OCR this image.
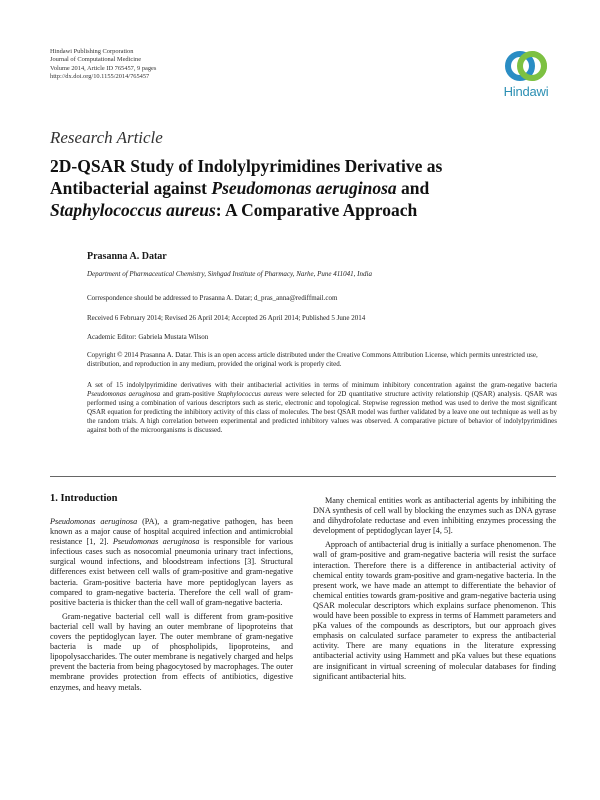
Hindawi Publishing Corporation
Journal of Computational Medicine
Volume 2014, Article ID 765457, 9 pages
http://dx.doi.org/10.1155/2014/765457
Hindawi
Research Article
2D-QSAR Study of Indolylpyrimidines Derivative as
Antibacterial against Pseudomonas aeruginosa and
Staphylococcus aureus: A Comparative Approach
Prasanna A. Datar
Department of Pharmaceutical Chemistry, Sinhgad Institute of Pharmacy, Narhe, Pune 411041, India
Correspondence should be addressed to Prasanna A. Datar; d_pras_anna@rediffmail.com
Received 6 February 2014; Revised 26 April 2014; Accepted 26 April 2014; Published 5 June 2014
Academic Editor: Gabriela Mustata Wilson
Copyright © 2014 Prasanna A. Datar. This is an open access article distributed under the Creative Commons Attribution License, which permits unrestricted use, distribution, and reproduction in any medium, provided the original work is properly cited.
A set of 15 indolylpyrimidine derivatives with their antibacterial activities in terms of minimum inhibitory concentration against the gram-negative bacteria Pseudomonas aeruginosa and gram-positive Staphylococcus aureus were selected for 2D quantitative structure activity relationship (QSAR) analysis. QSAR was performed using a combination of various descriptors such as steric, electronic and topological. Stepwise regression method was used to derive the most significant QSAR equation for predicting the inhibitory activity of this class of molecules. The best QSAR model was further validated by a leave one out technique as well as by the random trials. A high correlation between experimental and predicted inhibitory values was observed. A comparative picture of behavior of indolylpyrimidines against both of the microorganisms is discussed.
1. Introduction

Pseudomonas aeruginosa (PA), a gram-negative pathogen, has been known as a major cause of hospital acquired infection and antimicrobial resistance [1, 2]. Pseudomonas aeruginosa is responsible for various infectious cases such as nosocomial pneumonia urinary tract infections, surgical wound infections, and bloodstream infections [3]. Structural differences exist between cell walls of gram-positive and gram-negative bacteria. Gram-positive bacteria have more peptidoglycan layers as compared to gram-negative bacteria. Therefore the cell wall of gram-positive bacteria is thicker than the cell wall of gram-negative bacteria.

Gram-negative bacterial cell wall is different from gram-positive bacterial cell wall by having an outer membrane of lipoproteins that covers the peptidoglycan layer. The outer membrane of gram-negative bacteria is made up of phospholipids, lipoproteins, and lipopolysaccharides. The outer membrane is negatively charged and helps prevent the bacteria from being phagocytosed by macrophages. The outer membrane provides protection from effects of antibiotics, digestive enzymes, and heavy metals.

Many chemical entities work as antibacterial agents by inhibiting the DNA synthesis of cell wall by blocking the enzymes such as DNA gyrase and dihydrofolate reductase and even inhibiting enzymes processing the development of peptidoglycan layer [4, 5].

Approach of antibacterial drug is initially a surface phenomenon. The wall of gram-positive and gram-negative bacteria will resist the surface interaction. Therefore there is a difference in antibacterial activity of chemical entity towards gram-positive and gram-negative bacteria. In the present work, we have made an attempt to differentiate the behavior of chemical entities towards gram-positive and gram-negative bacteria using QSAR molecular descriptors which explains surface phenomenon. This would have been possible to express in terms of Hammett parameters and pKa values of the compounds as descriptors, but our approach gives emphasis on calculated surface parameter to express the antibacterial activity. There are many equations in the literature expressing antibacterial activity using Hammett and pKa values but these equations are insignificant in virtual screening of molecular databases for finding significant antibacterial hits.
